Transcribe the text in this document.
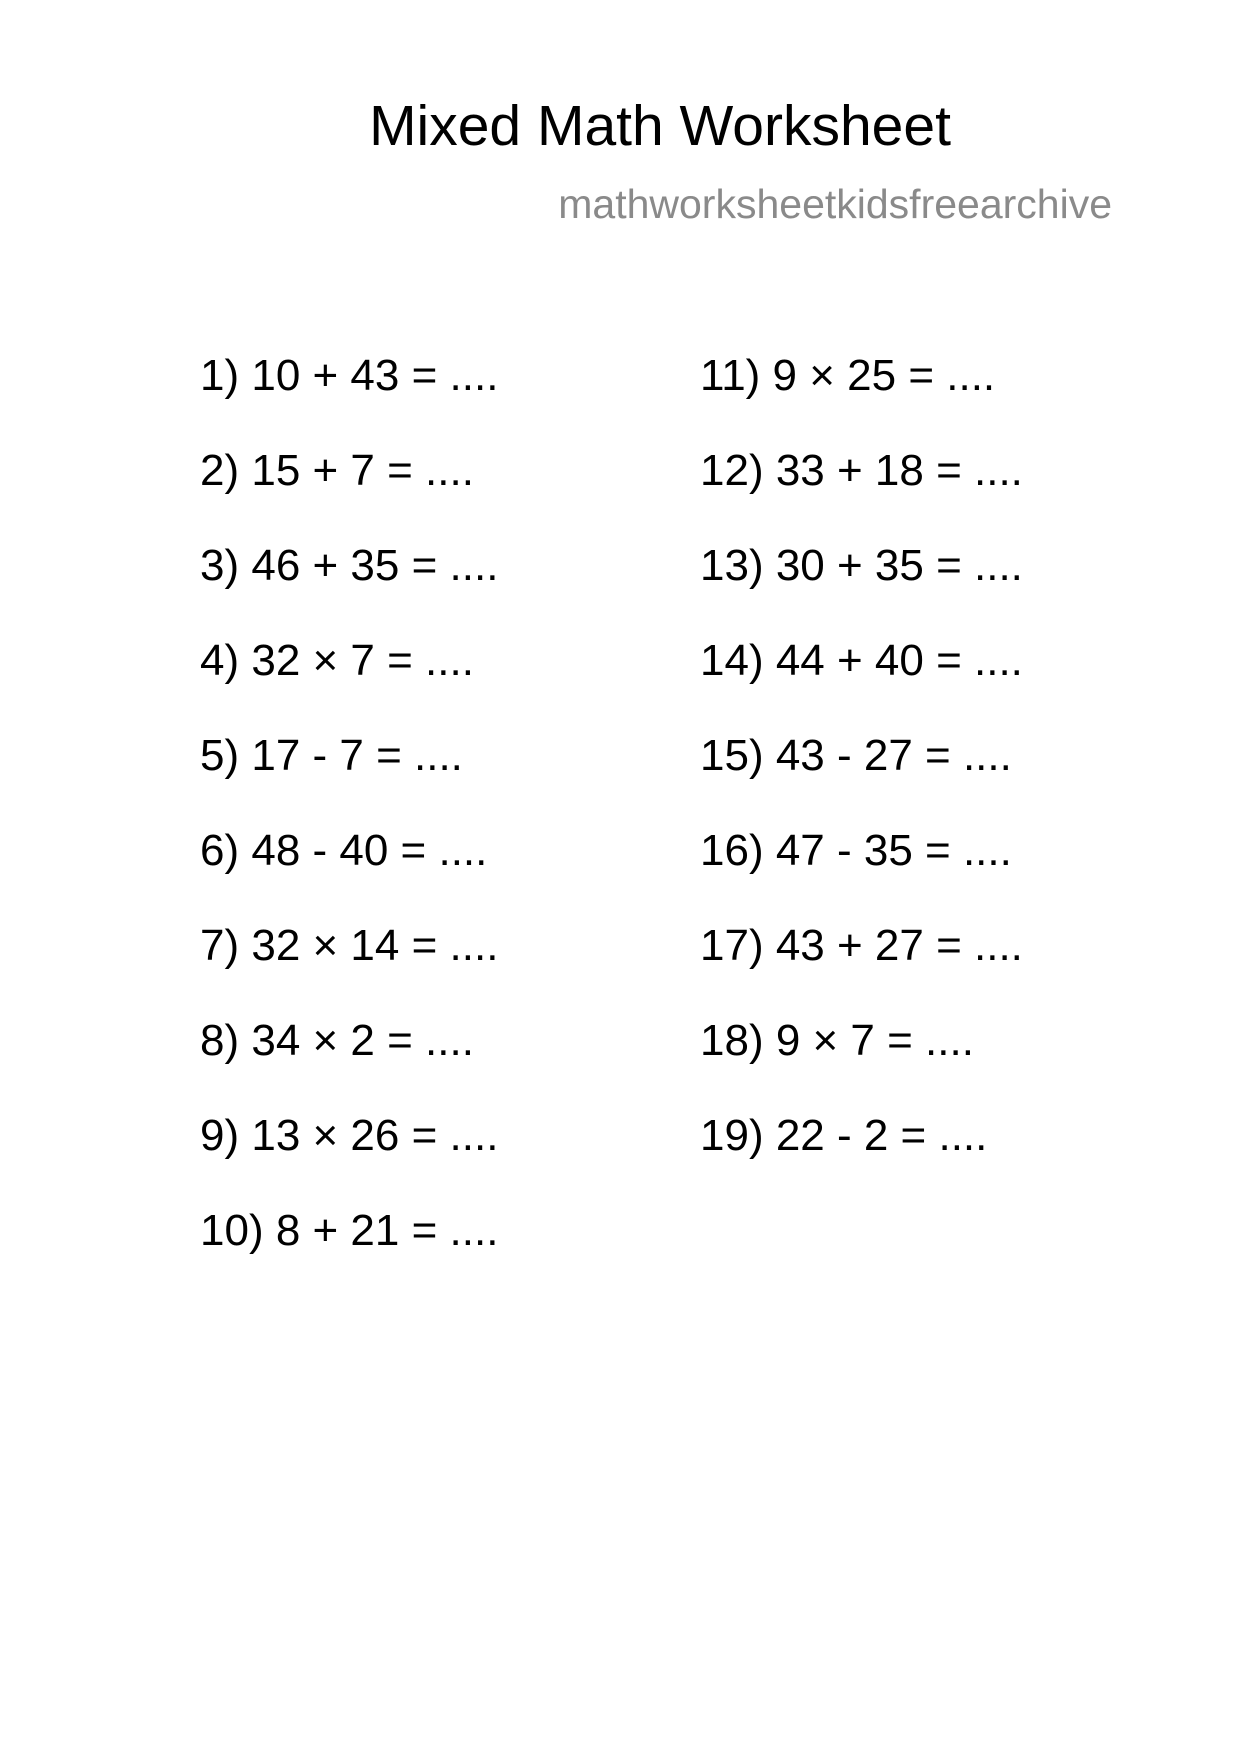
Mixed Math Worksheet
mathworksheetkidsfreearchive
1) 10 + 43 = ....
2) 15 + 7 = ....
3) 46 + 35 = ....
4) 32 × 7 = ....
5) 17 - 7 = ....
6) 48 - 40 = ....
7) 32 × 14 = ....
8) 34 × 2 = ....
9) 13 × 26 = ....
10) 8 + 21 = ....
11) 9 × 25 = ....
12) 33 + 18 = ....
13) 30 + 35 = ....
14) 44 + 40 = ....
15) 43 - 27 = ....
16) 47 - 35 = ....
17) 43 + 27 = ....
18) 9 × 7 = ....
19) 22 - 2 = ....
